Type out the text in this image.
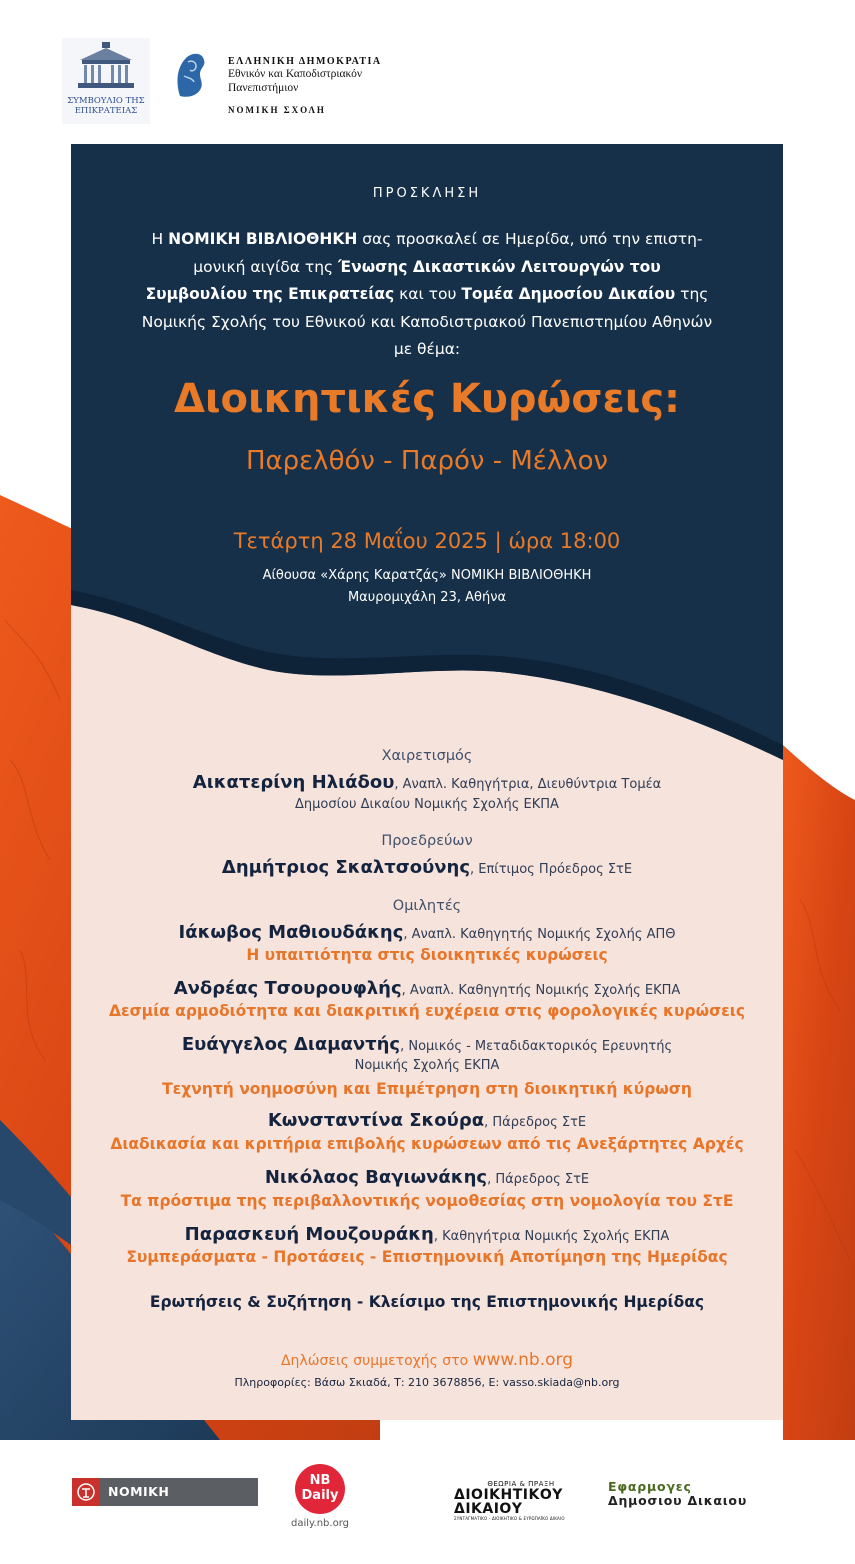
ΣΥΜΒΟΥΛΙΟ ΤΗΣ
ΕΠΙΚΡΑΤΕΙΑΣ
ΕΛΛΗΝΙΚΗ ΔΗΜΟΚΡΑΤΙΑ
Εθνικόν και Καποδιστριακόν
Πανεπιστήμιον
ΝΟΜΙΚΗ ΣΧΟΛΗ
ΠΡΟΣΚΛΗΣΗ
Η ΝΟΜΙΚΗ ΒΙΒΛΙΟΘΗΚΗ σας προσκαλεί σε Ημερίδα, υπό την επιστη-μονική αιγίδα της Ένωσης Δικαστικών Λειτουργών του Συμβουλίου της Επικρατείας και του Τομέα Δημοσίου Δικαίου της Νομικής Σχολής του Εθνικού και Καποδιστριακού Πανεπιστημίου Αθηνών με θέμα:
Διοικητικές Κυρώσεις:
Παρελθόν - Παρόν - Μέλλον
Τετάρτη 28 Μαΐου 2025 | ώρα 18:00
Αίθουσα «Χάρης Καρατζάς» ΝΟΜΙΚΗ ΒΙΒΛΙΟΘΗΚΗ
Μαυρομιχάλη 23, Αθήνα
Χαιρετισμός
Αικατερίνη Ηλιάδου, Αναπλ. Καθηγήτρια, Διευθύντρια Τομέα
Δημοσίου Δικαίου Νομικής Σχολής ΕΚΠΑ
Προεδρεύων
Δημήτριος Σκαλτσούνης, Επίτιμος Πρόεδρος ΣτΕ
Ομιλητές
Ιάκωβος Μαθιουδάκης, Αναπλ. Καθηγητής Νομικής Σχολής ΑΠΘ
Η υπαιτιότητα στις διοικητικές κυρώσεις
Ανδρέας Τσουρουφλής, Αναπλ. Καθηγητής Νομικής Σχολής ΕΚΠΑ
Δεσμία αρμοδιότητα και διακριτική ευχέρεια στις φορολογικές κυρώσεις
Ευάγγελος Διαμαντής, Νομικός - Μεταδιδακτορικός Ερευνητής
Νομικής Σχολής ΕΚΠΑ
Τεχνητή νοημοσύνη και Επιμέτρηση στη διοικητική κύρωση
Κωνσταντίνα Σκούρα, Πάρεδρος ΣτΕ
Διαδικασία και κριτήρια επιβολής κυρώσεων από τις Ανεξάρτητες Αρχές
Νικόλαος Βαγιωνάκης, Πάρεδρος ΣτΕ
Τα πρόστιμα της περιβαλλοντικής νομοθεσίας στη νομολογία του ΣτΕ
Παρασκευή Μουζουράκη, Καθηγήτρια Νομικής Σχολής ΕΚΠΑ
Συμπεράσματα - Προτάσεις - Επιστημονική Αποτίμηση της Ημερίδας
Ερωτήσεις & Συζήτηση - Κλείσιμο της Επιστημονικής Ημερίδας
Δηλώσεις συμμετοχής στο www.nb.org
Πληροφορίες: Βάσω Σκιαδά, Τ: 210 3678856, E: vasso.skiada@nb.org
ΝΟΜΙΚΗ ΒΙΒΛΙΟΘΗΚΗ
NB
Daily
daily.nb.org
ΘΕΩΡΙΑ & ΠΡΑΞΗ
ΔΙΟΙΚΗΤΙΚΟΥ
ΔΙΚΑΙΟΥ
ΣΥΝΤΑΓΜΑΤΙΚΟ - ΔΙΟΙΚΗΤΙΚΟ & ΕΥΡΩΠΑΪΚΟ ΔΙΚΑΙΟ
Εφαρμογες
Δημοσιου Δικαιου
